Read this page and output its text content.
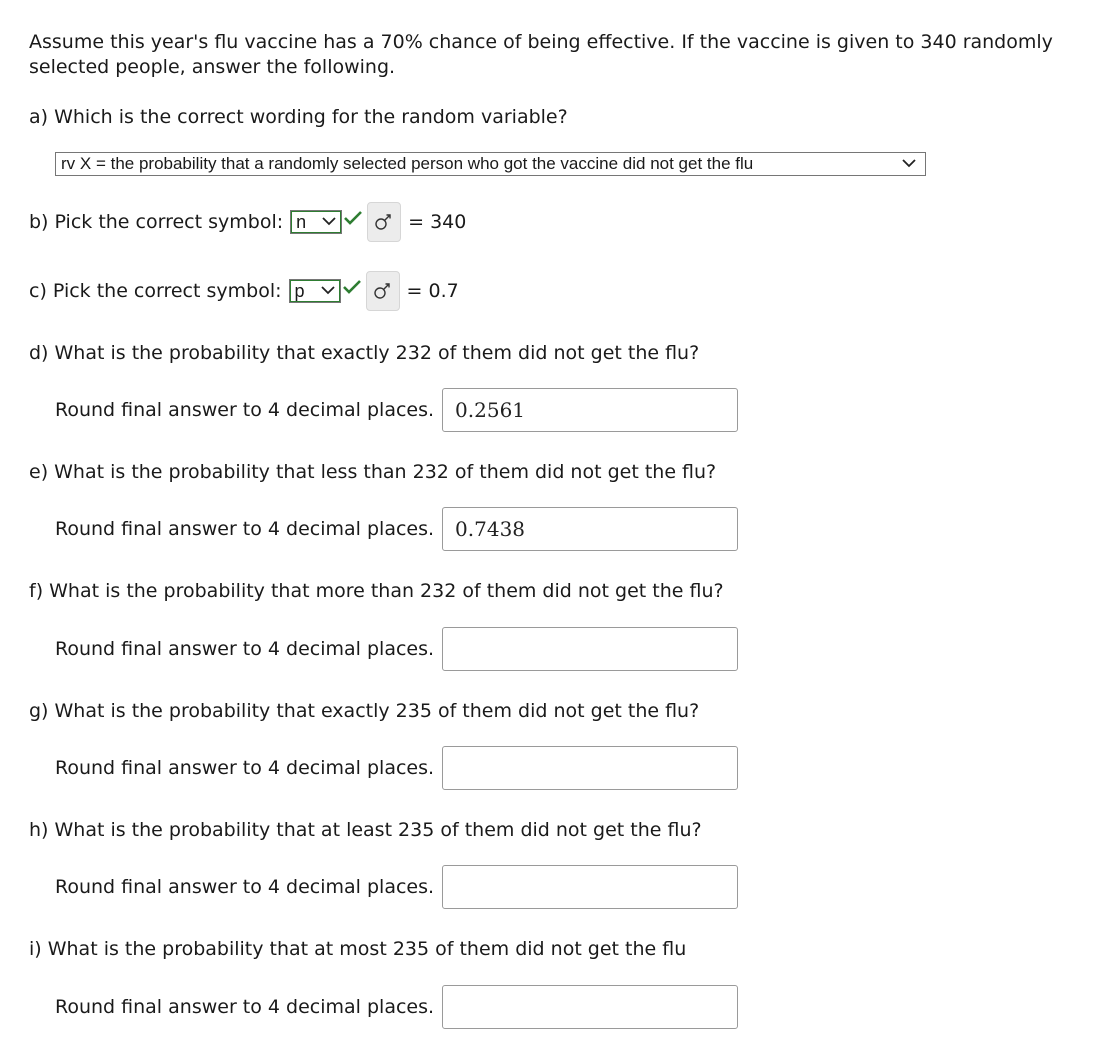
Assume this year's flu vaccine has a 70% chance of being effective. If the vaccine is given to 340 randomly selected people, answer the following.
a) Which is the correct wording for the random variable?
rv X = the probability that a randomly selected person who got the vaccine did not get the flu
b) Pick the correct symbol: n	= 340
c) Pick the correct symbol: p	= 0.7
d) What is the probability that exactly 232 of them did not get the flu?
Round final answer to 4 decimal places.	0.2561
e) What is the probability that less than 232 of them did not get the flu?
Round final answer to 4 decimal places.	0.7438
f) What is the probability that more than 232 of them did not get the flu?
Round final answer to 4 decimal places.
g) What is the probability that exactly 235 of them did not get the flu?
Round final answer to 4 decimal places.
h) What is the probability that at least 235 of them did not get the flu?
Round final answer to 4 decimal places.
i) What is the probability that at most 235 of them did not get the flu
Round final answer to 4 decimal places.
